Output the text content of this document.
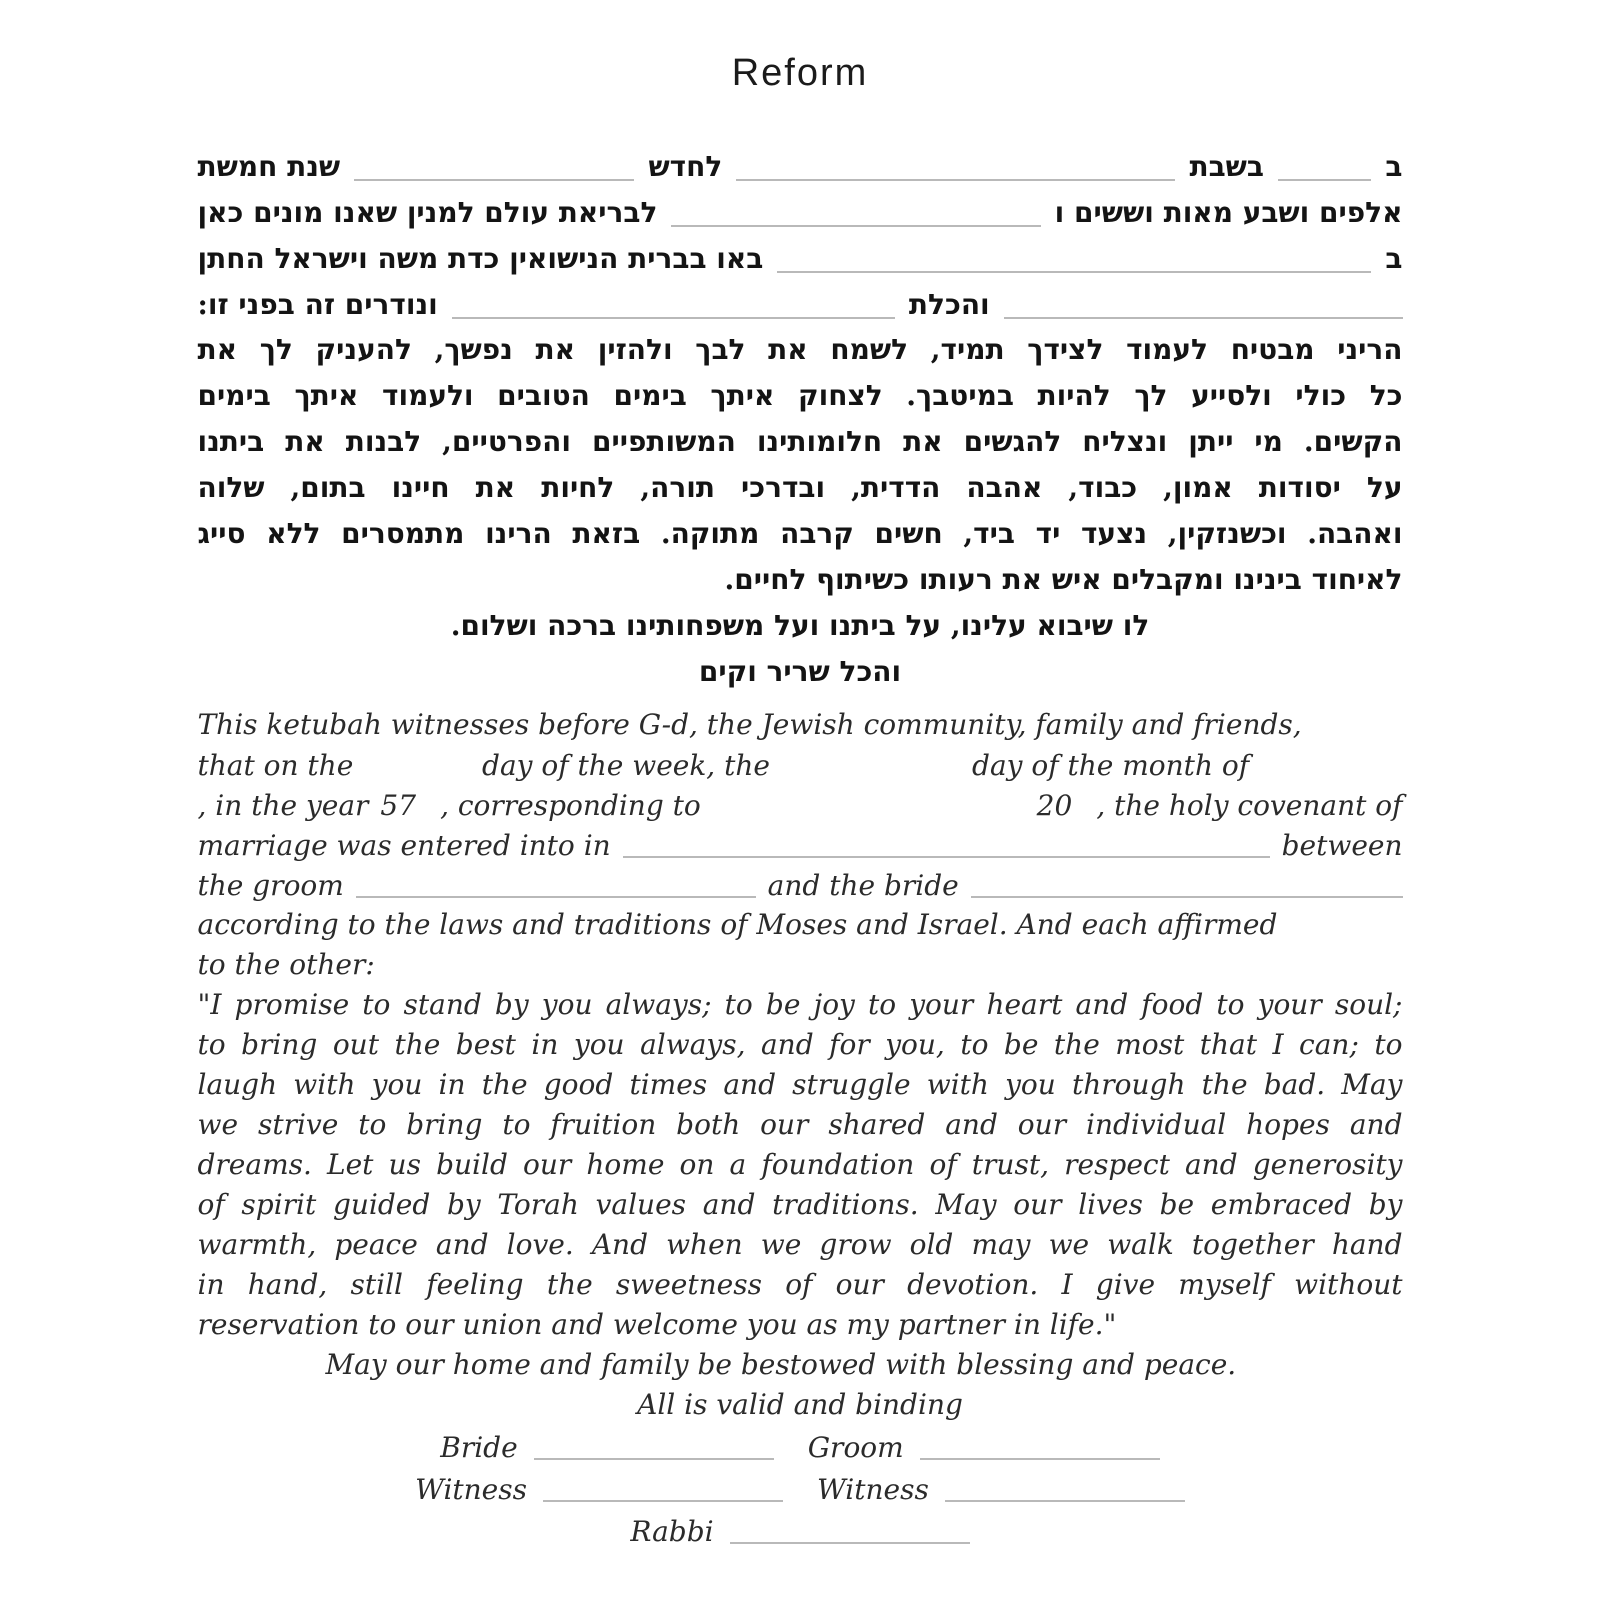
Reform
ב
בשבת
לחדש
שנת חמשת
אלפים ושבע מאות וששים ו
לבריאת עולם למנין שאנו מונים כאן
ב
באו בברית הנישואין כדת משה וישראל החתן
והכלת
ונודרים זה בפני זו:
הריני מבטיח לעמוד לצידך תמיד, לשמח את לבך ולהזין את נפשך, להעניק לך את
כל כולי ולסייע לך להיות במיטבך. לצחוק איתך בימים הטובים ולעמוד איתך בימים
הקשים. מי ייתן ונצליח להגשים את חלומותינו המשותפיים והפרטיים, לבנות את ביתנו
על יסודות אמון, כבוד, אהבה הדדית, ובדרכי תורה, לחיות את חיינו בתום, שלוה
ואהבה. וכשנזקין, נצעד יד ביד, חשים קרבה מתוקה. בזאת הרינו מתמסרים ללא סייג
לאיחוד בינינו ומקבלים איש את רעותו כשיתוף לחיים.
לו שיבוא עלינו, על ביתנו ועל משפחותינו ברכה ושלום.
והכל שריר וקים
This ketubah witnesses before G-d, the Jewish community, family and friends,
that on the	day of the week, the	day of the month of
, in the year 57 , corresponding to	20 , the holy covenant of
marriage was entered into in	between
the groom	and the bride
according to the laws and traditions of Moses and Israel. And each affirmed
to the other:
"I promise to stand by you always; to be joy to your heart and food to your soul;
to bring out the best in you always, and for you, to be the most that I can; to
laugh with you in the good times and struggle with you through the bad. May
we strive to bring to fruition both our shared and our individual hopes and
dreams. Let us build our home on a foundation of trust, respect and generosity
of spirit guided by Torah values and traditions. May our lives be embraced by
warmth, peace and love. And when we grow old may we walk together hand
in hand, still feeling the sweetness of our devotion. I give myself without
reservation to our union and welcome you as my partner in life."
May our home and family be bestowed with blessing and peace.
All is valid and binding
Bride	Groom
Witness	Witness
Rabbi
